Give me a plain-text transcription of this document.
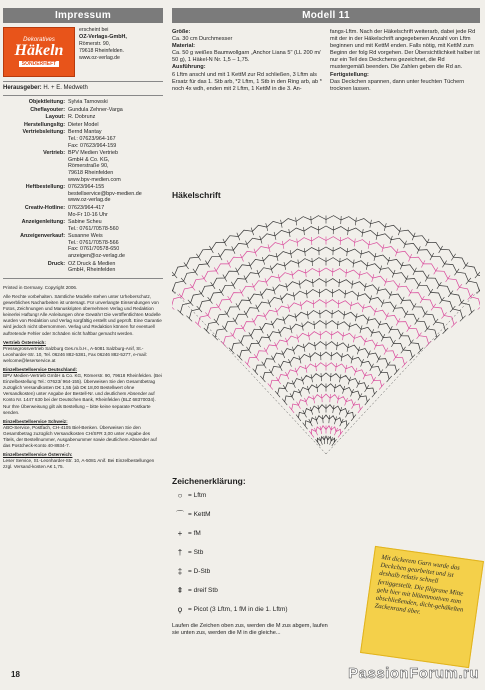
Impressum
Dekoratives
Häkeln
SONDERHEFT
erscheint bei
OZ-Verlags-GmbH,
Römerstr. 90,
79618 Rheinfelden.
www.oz-verlag.de
Herausgeber: H. + E. Medweth
Objektleitung: Sylvia Tarnowski
Cheflayouter: Gundula Zehner-Varga
Layout: R. Dobrunz
Herstellungsltg: Dieter Model
Vertriebsleitung: Bernd Mantay
Tel.: 07623/964-167
Fax: 07623/964-159
Vertrieb: BPV Medien Vertrieb
GmbH & Co. KG,
Römerstraße 90,
79618 Rheinfelden
www.bpv-medien.com
Heftbestellung: 07623/964-155
bestellservice@bpv-medien.de
www.oz-verlag.de
Creativ-Hotline: 07623/964-417
Mo-Fr 10-16 Uhr
Anzeigenleitung: Sabine Scheu
Tel.: 0761/70578-560
Anzeigenverkauf: Susanne Weis
Tel.: 0761/70578-566
Fax: 0761/70578-650
anzeigen@oz-verlag.de
Druck: OZ Druck & Medien
GmbH, Rheinfelden

Printed in Germany. Copyright 2006.

Alle Rechte vorbehalten. Sämtliche Modelle stehen unter Urheberschutz, gewerbliches Nacharbeiten ist untersagt. Für unverlangte Einsendungen von Fotos, Zeichnungen und Manuskripten übernehmen Verlag und Redaktion keinerlei Haftung! Alle Anleitungen ohne Gewähr! Die veröffentlichten Modelle wurden von Redaktion und Verlag sorgfältig erstellt und geprüft. Eine Garantie wird jedoch nicht übernommen. Verlag und Redaktion können für eventuell auftretende Fehler oder Schäden nicht haftbar gemacht werden.

Vertrieb Österreich:

Pressegrossvertrieb Salzburg Ges.m.b.H., A-5081 Salzburg-Anif, St.-Leonharder-Str. 10, Tel. 06246 882-5381, Fax 06246 882-5277, e-mail: welcome@leserservice.at

Einzelbestellservice Deutschland:

BPV Medien-Vertrieb GmbH & Co. KG, Römerstr. 90, 79618 Rheinfelden. (Bei Einzelbestellung Tel.: 07623/ 964-155). Überweisen Sie den Gesamtbetrag zuzüglich Versandkosten D€ 1,55 (ab D€ 18,00 Bestellwert ohne Versandkosten) unter Angabe der Bestell-Nr. und deutlichem Absender auf Konto Nr. 1447 630 bei der Deutschen Bank, Rheinfelden (BLZ 68370034). Nur Ihre Überweisung gilt als Bestellung – bitte keine separate Postkarte senden.

Einzelbestellservice Schweiz:

ABO-Service, Postfach, CH-4105 Biel-Benken. Überweisen Sie den Gesamtbetrag zuzüglich Versandkosten CH/SFR 3,00 unter Angabe des Titels, der Bestellnummer, Ausgabenummer sowie deutlichem Absender auf das Postcheck-Konto 40-8934-7.

Einzelbestellservice Österreich:

Leser Service, St.-Leonharder-Str. 10, A-5081 Anif. Bei Einzelbestellungen zzgl. Versand-kosten A€ 1,75.

18
Modell 11
Größe:
Ca. 30 cm Durchmesser
Material:
Ca. 50 g weißes Baumwollgarn „Anchor Liana 5" (LL 200 m/ 50 g), 1 Häkel-N Nr. 1,5 – 1,75.
Ausführung:
6 Lftm anschl und mit 1 KettM zur Rd schließen, 3 Lftm als Ersatz für das 1. Stb arb, *2 Lftm, 1 Stb in den Ring arb, ab * noch 4x wdh, enden mit 2 Lftm, 1 KettM in die 3. An-
fangs-Lftm. Nach der Häkelschrift weiterarb, dabei jede Rd mit der in der Häkelschrift angegebenen Anzahl von Lftm beginnen und mit KettM enden. Falls nötig, mit KettM zum Beginn der folg Rd vorgehen. Der Übersichtlichkeit halber ist nur ein Teil des Deckchens gezeichnet, die Rd mustergemäß beenden. Die Zahlen geben die Rd an.
Fertigstellung:
Das Deckchen spannen, dann unter feuchten Tüchern trocknen lassen.
Häkelschrift
Zeichenerklärung:
○ = Lftm
⌒ = KettM
+ = fM
† = Stb
‡ = D-Stb
⇞ = dreif Stb
ϙ = Picot (3 Lftm, 1 fM in die 1. Lftm)
Laufen die Zeichen oben zus, werden die M zus abgem, laufen sie unten zus, werden die M in die gleiche...
Mit dickerem Garn wurde das Deckchen gearbeitet und ist deshalb relativ schnell fertiggestellt. Die filigrane Mitte geht hier mit blütenmotiven zum abschließenden, dicht-gehäkelten Zackenrand über.
PassionForum.ru
